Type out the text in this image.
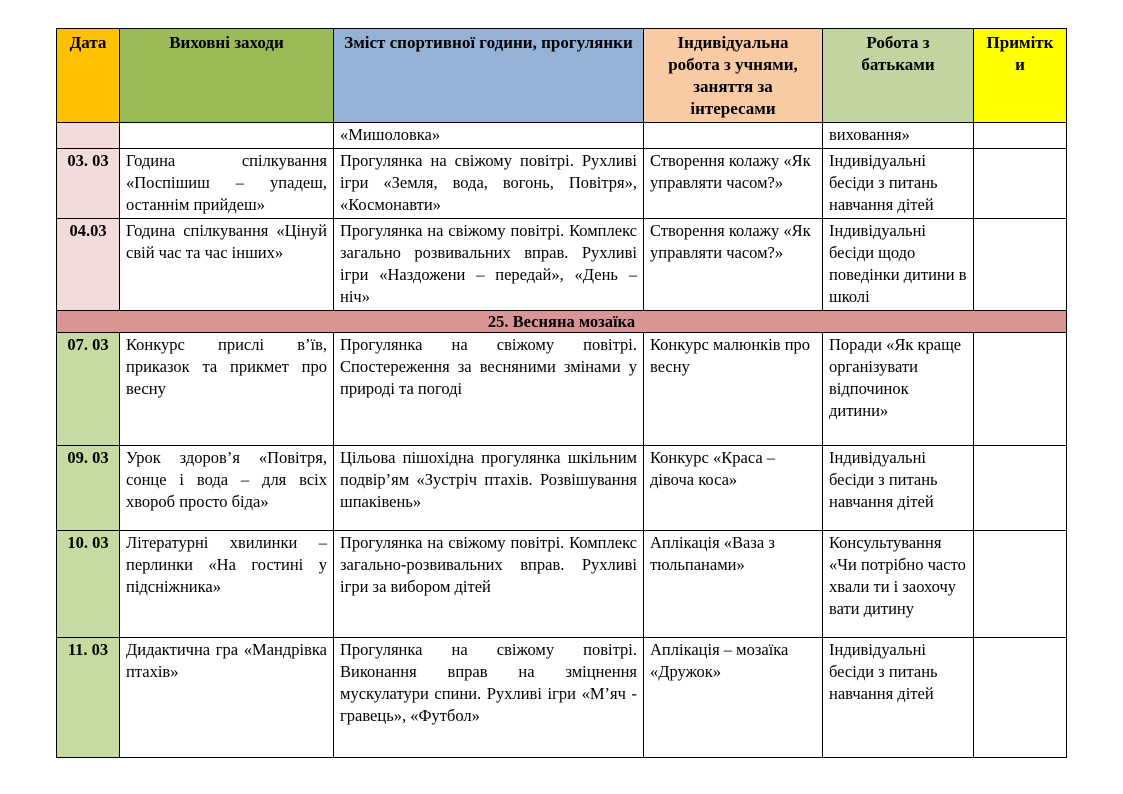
Дата	Виховні заходи	Зміст спортивної години, прогулянки	Індивідуальна робота з учнями, заняття за інтересами	Робота з батьками	Примітк и
		«Мишоловка»		виховання»	
03. 03	Година спілкування «Поспішиш – упадеш, останнім прийдеш»	Прогулянка на свіжому повітрі. Рухливі ігри «Земля, вода, вогонь, Повітря», «Космонавти»	Створення колажу «Як управляти часом?»	Індивідуальні бесіди з питань навчання дітей	
04.03	Година спілкування «Цінуй свій час та час інших»	Прогулянка на свіжому повітрі. Комплекс загально розвивальних вправ. Рухливі ігри «Наздожени – передай», «День – ніч»	Створення колажу «Як управляти часом?»	Індивідуальні бесіди щодо поведінки дитини в школі	
25. Весняна мозаїка					
07. 03	Конкурс прислі в’їв, приказок та прикмет про весну	Прогулянка на свіжому повітрі. Спостереження за весняними змінами у природі та погоді	Конкурс малюнків про весну	Поради «Як краще організувати відпочинок дитини»	
09. 03	Урок здоров’я «Повітря, сонце і вода – для всіх хвороб просто біда»	Цільова пішохідна прогулянка шкільним подвір’ям «Зустріч птахів. Розвішування шпаківень»	Конкурс «Краса – дівоча коса»	Індивідуальні бесіди з питань навчання дітей	
10. 03	Літературні хвилинки – перлинки «На гостині у підсніжника»	Прогулянка на свіжому повітрі. Комплекс загально-розвивальних вправ. Рухливі ігри за вибором дітей	Аплікація «Ваза з тюльпанами»	Консультування «Чи потрібно часто хвали ти і заохочу вати дитину	
11. 03	Дидактична гра «Мандрівка птахів»	Прогулянка на свіжому повітрі. Виконання вправ на зміцнення мускулатури спини. Рухливі ігри «М’яч - гравець», «Футбол»	Аплікація – мозаїка «Дружок»	Індивідуальні бесіди з питань навчання дітей	
